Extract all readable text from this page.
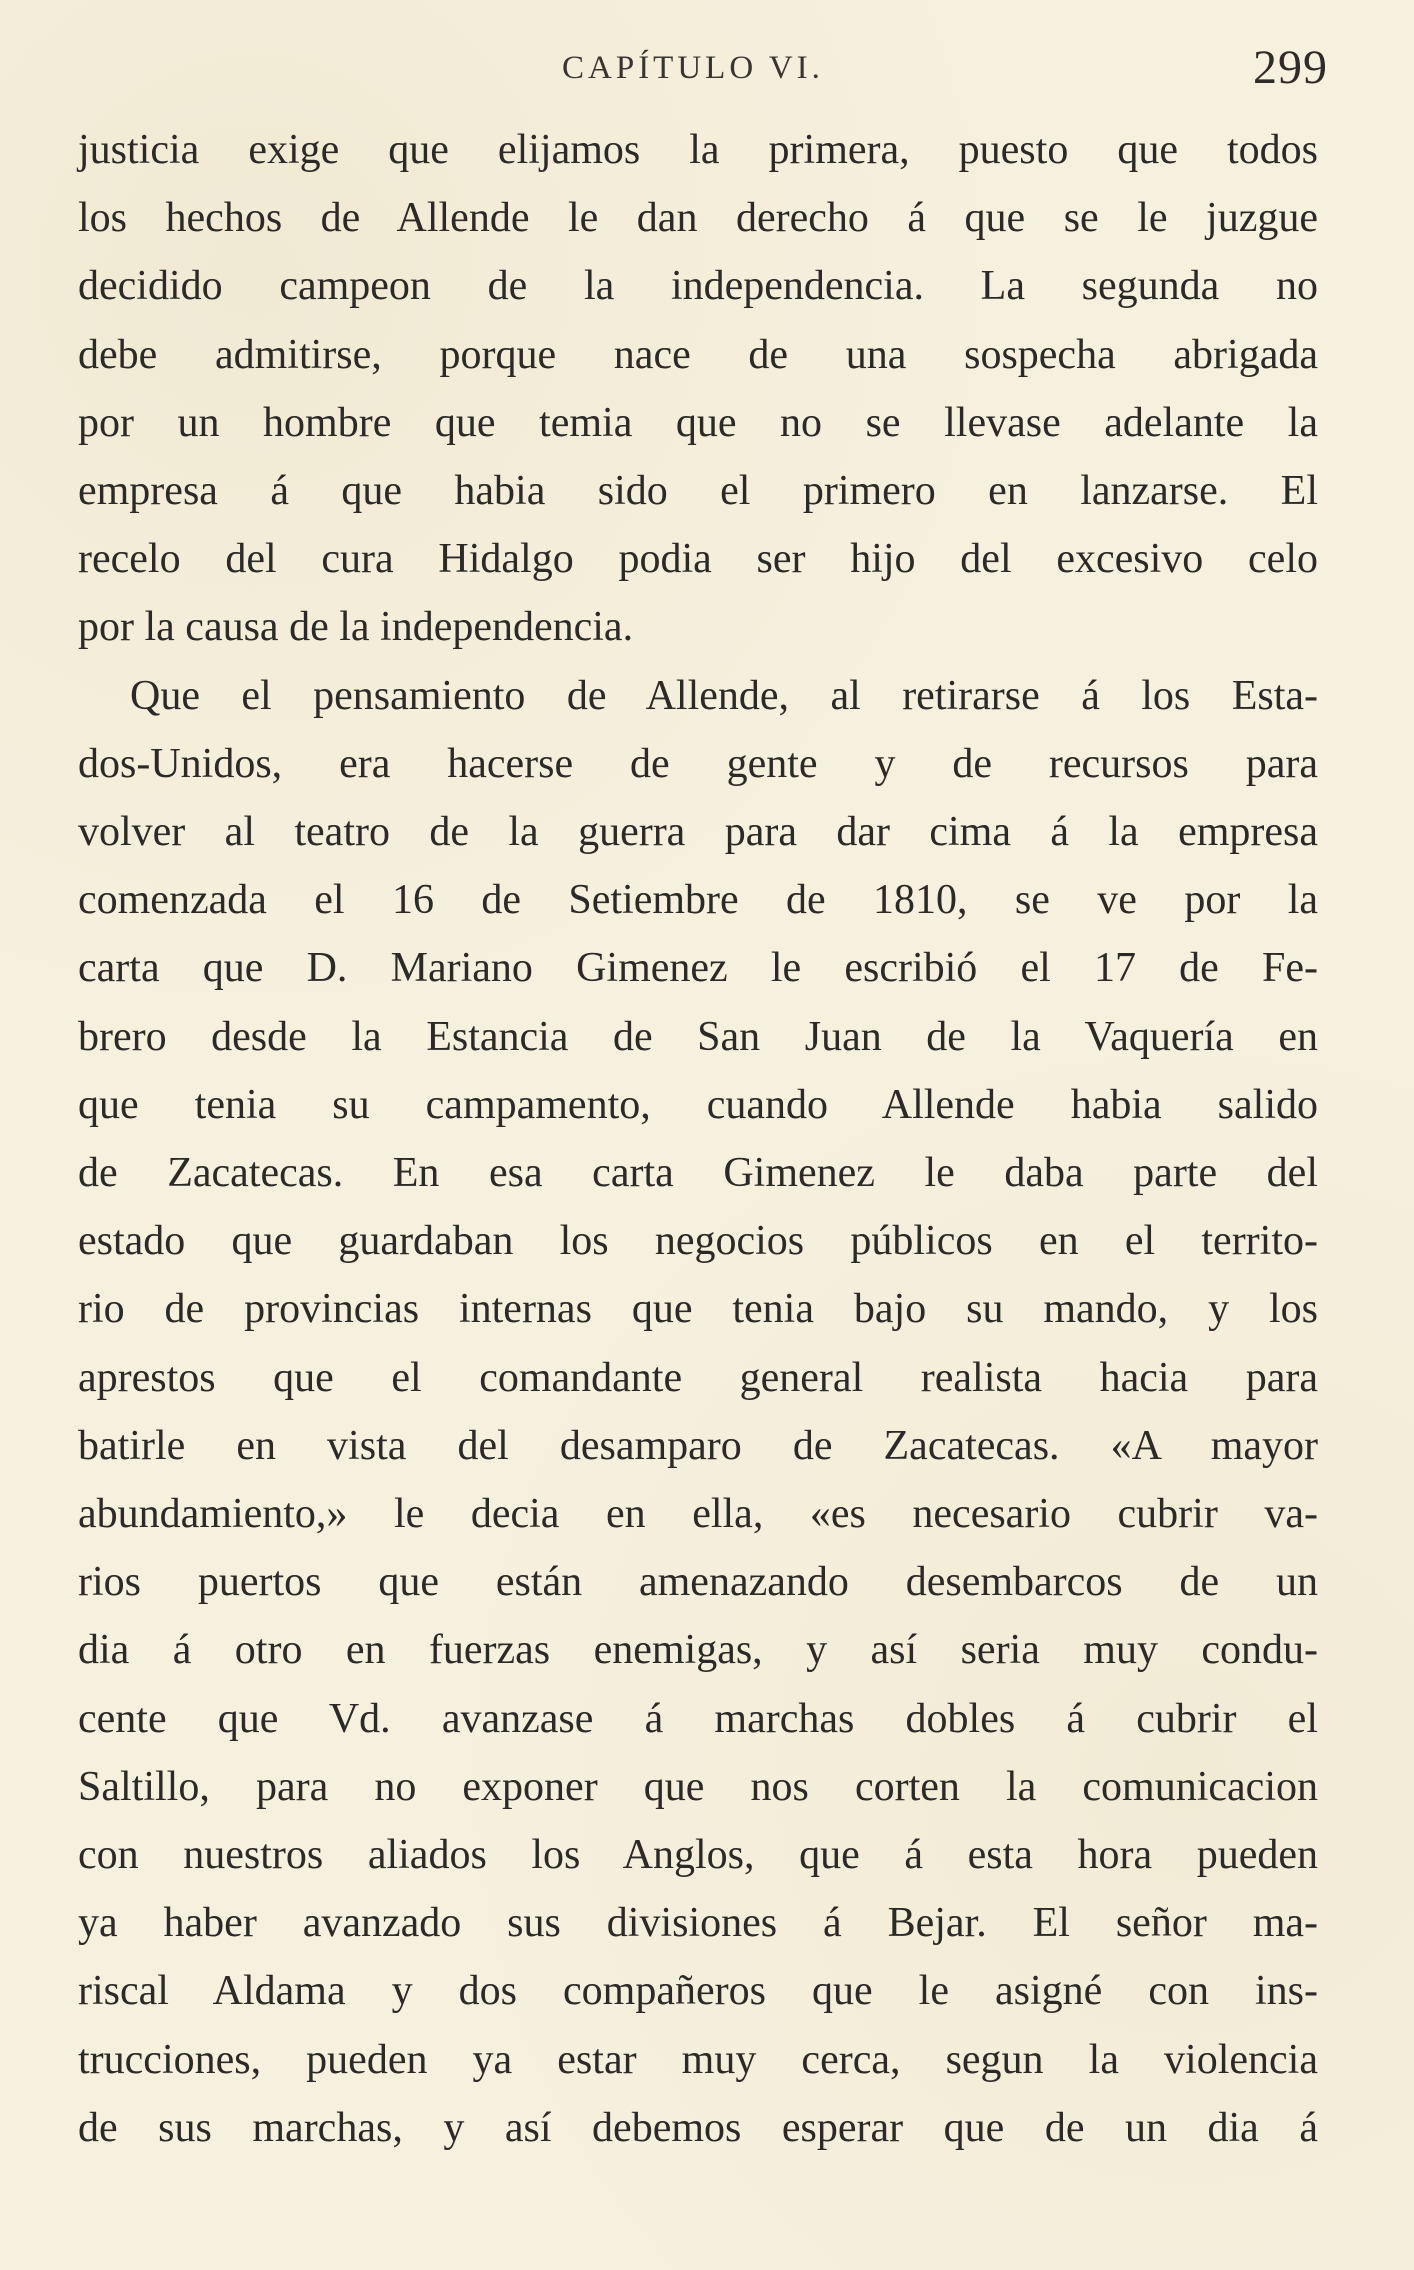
CAPÍTULO VI.	299
justicia exige que elijamos la primera, puesto que todos
los hechos de Allende le dan derecho á que se le juzgue
decidido campeon de la independencia. La segunda no
debe admitirse, porque nace de una sospecha abrigada
por un hombre que temia que no se llevase adelante la
empresa á que habia sido el primero en lanzarse. El
recelo del cura Hidalgo podia ser hijo del excesivo celo
por la causa de la independencia.
Que el pensamiento de Allende, al retirarse á los Esta-
dos-Unidos, era hacerse de gente y de recursos para
volver al teatro de la guerra para dar cima á la empresa
comenzada el 16 de Setiembre de 1810, se ve por la
carta que D. Mariano Gimenez le escribió el 17 de Fe-
brero desde la Estancia de San Juan de la Vaquería en
que tenia su campamento, cuando Allende habia salido
de Zacatecas. En esa carta Gimenez le daba parte del
estado que guardaban los negocios públicos en el territo-
rio de provincias internas que tenia bajo su mando, y los
aprestos que el comandante general realista hacia para
batirle en vista del desamparo de Zacatecas. «A mayor
abundamiento,» le decia en ella, «es necesario cubrir va-
rios puertos que están amenazando desembarcos de un
dia á otro en fuerzas enemigas, y así seria muy condu-
cente que Vd. avanzase á marchas dobles á cubrir el
Saltillo, para no exponer que nos corten la comunicacion
con nuestros aliados los Anglos, que á esta hora pueden
ya haber avanzado sus divisiones á Bejar. El señor ma-
riscal Aldama y dos compañeros que le asigné con ins-
trucciones, pueden ya estar muy cerca, segun la violencia
de sus marchas, y así debemos esperar que de un dia á
